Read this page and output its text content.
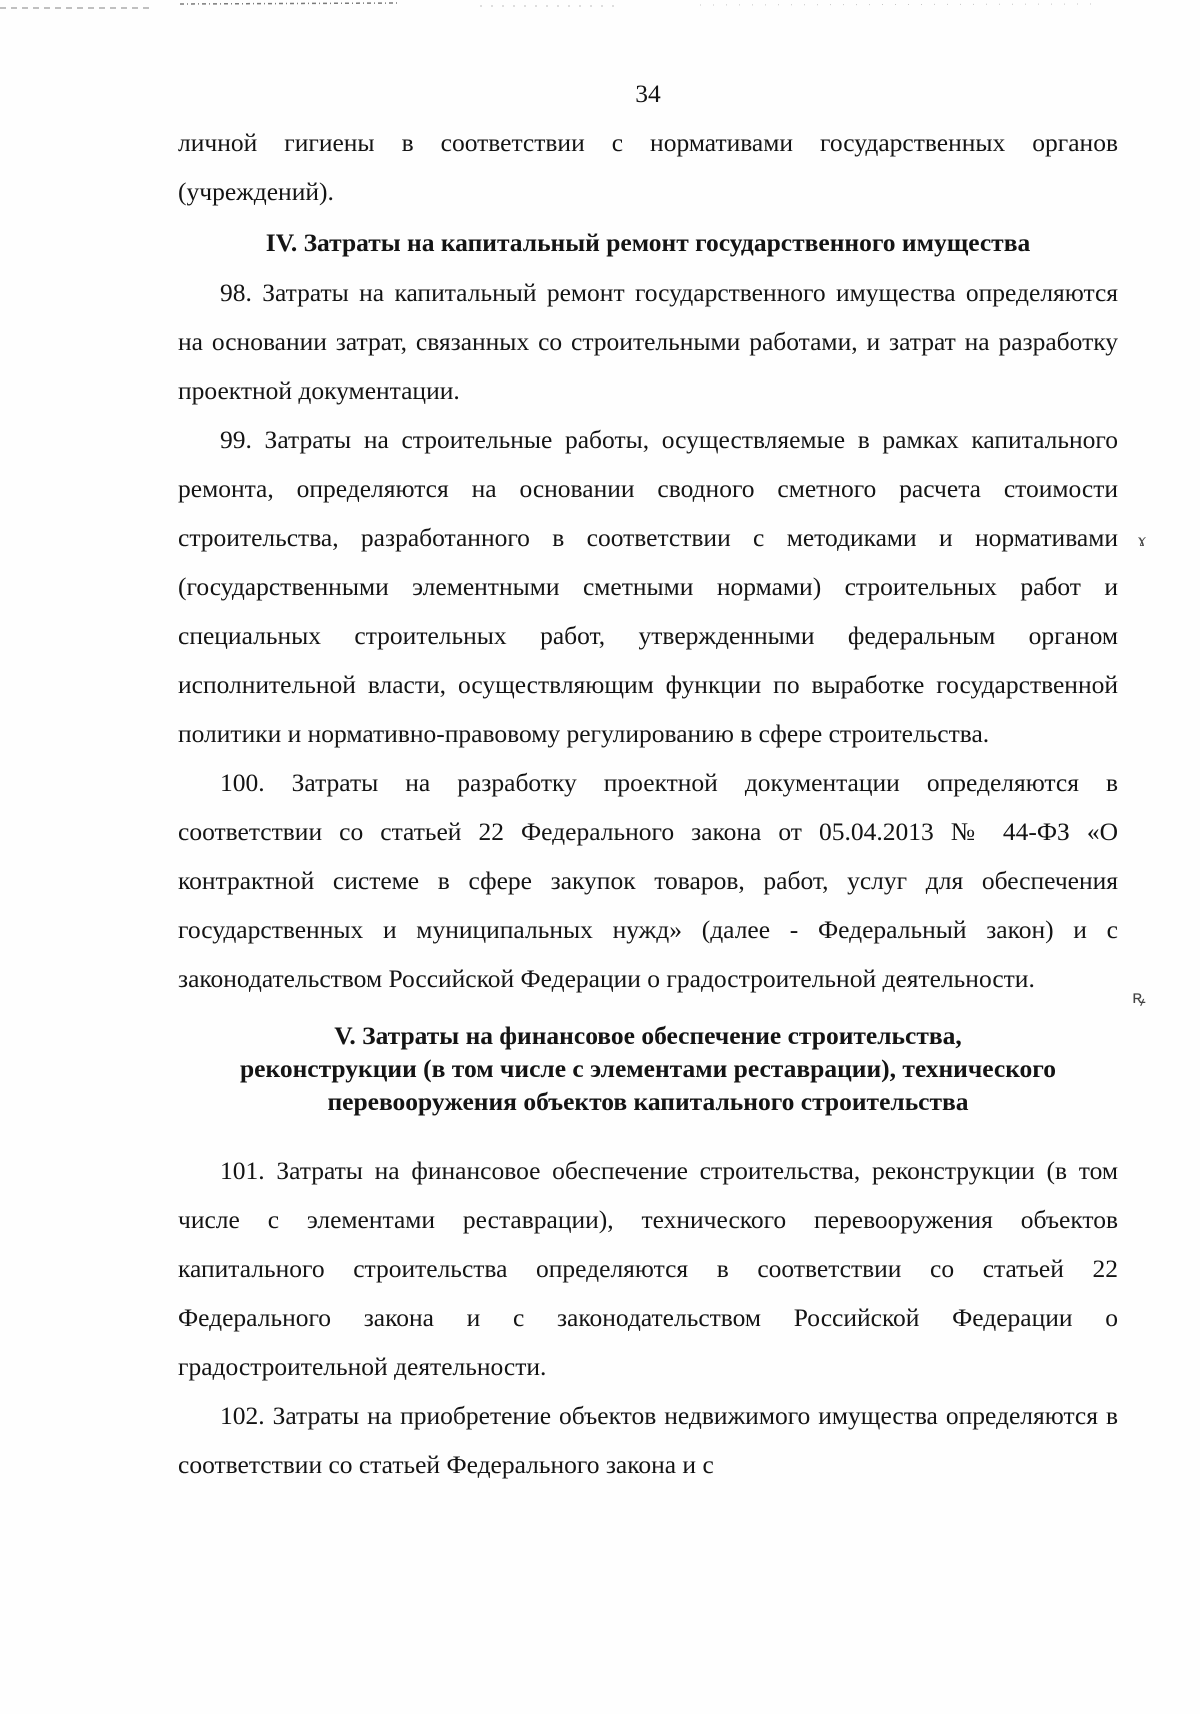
ɤ
ꝶ
34

личной гигиены в соответствии с нормативами государственных органов (учреждений).

IV. Затраты на капитальный ремонт государственного имущества

98. Затраты на капитальный ремонт государственного имущества определяются на основании затрат, связанных со строительными работами, и затрат на разработку проектной документации.

99. Затраты на строительные работы, осуществляемые в рамках капитального ремонта, определяются на основании сводного сметного расчета стоимости строительства, разработанного в соответствии с методиками и нормативами (государственными элементными сметными нормами) строительных работ и специальных строительных работ, утвержденными федеральным органом исполнительной власти, осуществляющим функции по выработке государственной политики и нормативно-правовому регулированию в сфере строительства.

100. Затраты на разработку проектной документации определяются в соответствии со статьей 22 Федерального закона от 05.04.2013 № 44-ФЗ «О контрактной системе в сфере закупок товаров, работ, услуг для обеспечения государственных и муниципальных нужд» (далее - Федеральный закон) и с законодательством Российской Федерации о градостроительной деятельности.

V. Затраты на финансовое обеспечение строительства,
реконструкции (в том числе с элементами реставрации), технического
перевооружения объектов капитального строительства

101. Затраты на финансовое обеспечение строительства, реконструкции (в том числе с элементами реставрации), технического перевооружения объектов капитального строительства определяются в соответствии со статьей 22 Федерального закона и с законодательством Российской Федерации о градостроительной деятельности.

102. Затраты на приобретение объектов недвижимого имущества определяются в соответствии со статьей Федерального закона и с
